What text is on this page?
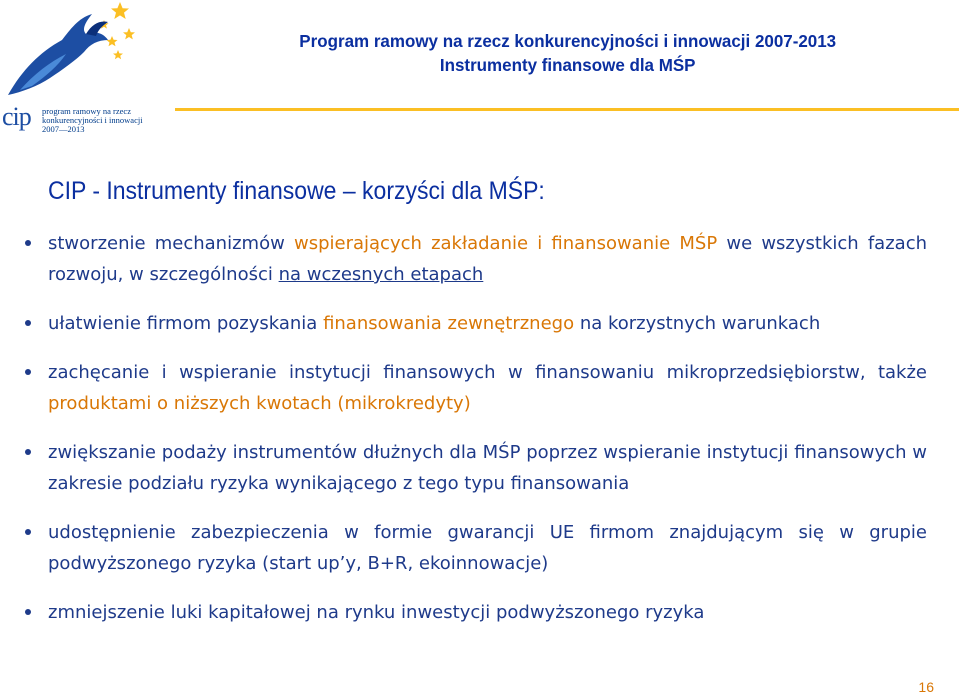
cip program ramowy na rzecz
konkurencyjności i innowacji
2007—2013
Program ramowy na rzecz konkurencyjności i innowacji 2007-2013
Instrumenty finansowe dla MŚP
CIP - Instrumenty finansowe – korzyści dla MŚP:
stworzenie mechanizmów wspierających zakładanie i finansowanie MŚP we wszystkich fazach rozwoju, w szczególności na wczesnych etapach
ułatwienie firmom pozyskania finansowania zewnętrznego na korzystnych warunkach
zachęcanie i wspieranie instytucji finansowych w finansowaniu mikroprzedsiębiorstw, także produktami o niższych kwotach (mikrokredyty)
zwiększanie podaży instrumentów dłużnych dla MŚP poprzez wspieranie instytucji finansowych w zakresie podziału ryzyka wynikającego z tego typu finansowania
udostępnienie zabezpieczenia w formie gwarancji UE firmom znajdującym się w grupie podwyższonego ryzyka (start up’y, B+R, ekoinnowacje)
zmniejszenie luki kapitałowej na rynku inwestycji podwyższonego ryzyka
16
